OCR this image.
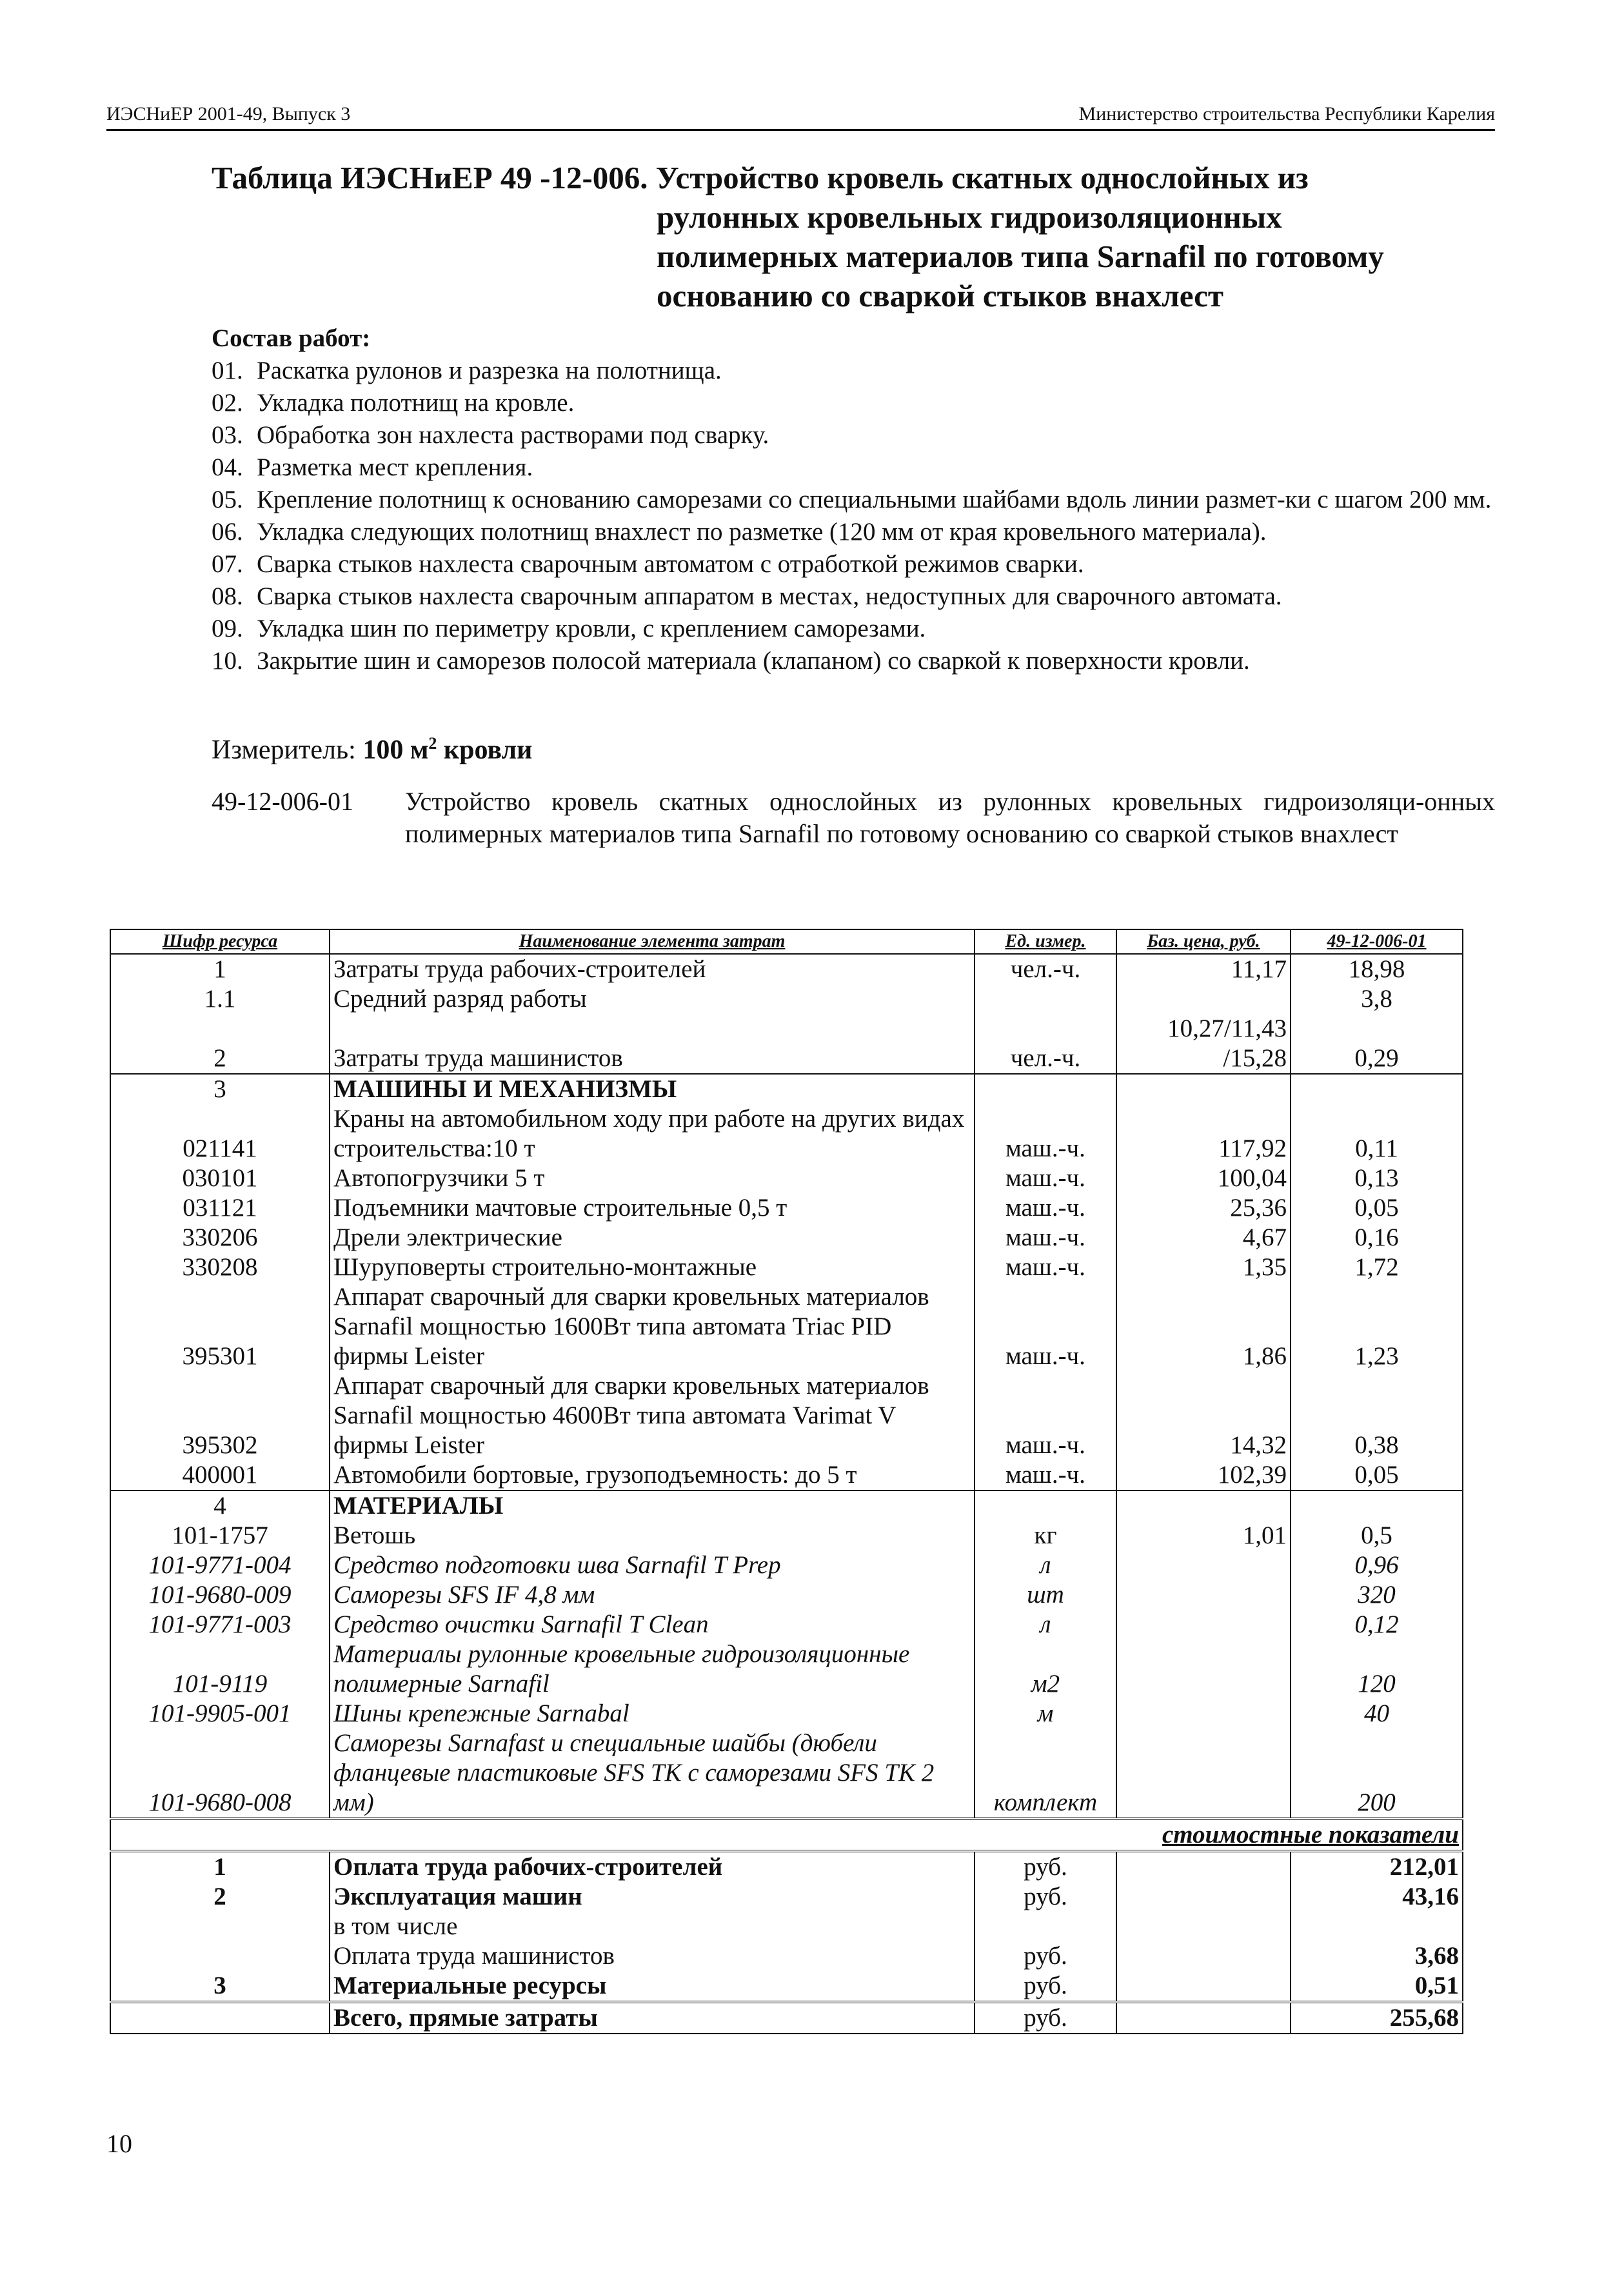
ИЭСНиЕР 2001-49, Выпуск 3	Министерство строительства Республики Карелия
Таблица ИЭСНиЕР 49 -12-006. Устройство кровель скатных однослойных из
рулонных кровельных гидроизоляционных
полимерных материалов типа Sarnafil по готовому
основанию со сваркой стыков внахлест
Состав работ:
01. Раскатка рулонов и разрезка на полотнища.
02. Укладка полотнищ на кровле.
03. Обработка зон нахлеста растворами под сварку.
04. Разметка мест крепления.
05. Крепление полотнищ к основанию саморезами со специальными шайбами вдоль линии размет-ки с шагом 200 мм.
06. Укладка следующих полотнищ внахлест по разметке (120 мм от края кровельного материала).
07. Сварка стыков нахлеста сварочным автоматом с отработкой режимов сварки.
08. Сварка стыков нахлеста сварочным аппаратом в местах, недоступных для сварочного автомата.
09. Укладка шин по периметру кровли, с креплением саморезами.
10. Закрытие шин и саморезов полосой материала (клапаном) со сваркой к поверхности кровли.
Измеритель: 100 $м^2$ кровли
49-12-006-01	Устройство кровель скатных однослойных из рулонных кровельных гидроизоляци-онных полимерных материалов типа Sarnafil по готовому основанию со сваркой стыков внахлест
Шифр ресурса	Наименование элемента затрат	Ед. измер.	Баз. цена, руб.	49-12-006-01
1	Затраты труда рабочих-строителей	чел.-ч.	11,17	18,98
1.1	Средний разряд работы			3,8
2	Затраты труда машинистов	чел.-ч.	10,27/11,43 /15,28	0,29
3	МАШИНЫ И МЕХАНИЗМЫ			
021141	Краны на автомобильном ходу при работе на других видах строительства:10 т	маш.-ч.	117,92	0,11
030101	Автопогрузчики 5 т	маш.-ч.	100,04	0,13
031121	Подъемники мачтовые строительные 0,5 т	маш.-ч.	25,36	0,05
330206	Дрели электрические	маш.-ч.	4,67	0,16
330208	Шуруповерты строительно-монтажные	маш.-ч.	1,35	1,72
395301	Аппарат сварочный для сварки кровельных материалов Sarnafil мощностью 1600Вт типа автомата Triac PID фирмы Leister	маш.-ч.	1,86	1,23
395302	Аппарат сварочный для сварки кровельных материалов Sarnafil мощностью 4600Вт типа автомата Varimat V фирмы Leister	маш.-ч.	14,32	0,38
400001	Автомобили бортовые, грузоподъемность: до 5 т	маш.-ч.	102,39	0,05
4	МАТЕРИАЛЫ			
101-1757	Ветошь	кг	1,01	0,5
101-9771-004	Средство подготовки шва Sarnafil T Prep	л		0,96
101-9680-009	Саморезы SFS IF 4,8 мм	шт		320
101-9771-003	Средство очистки Sarnafil T Clean	л		0,12
101-9119	Материалы рулонные кровельные гидроизоляционные полимерные Sarnafil	м2		120
101-9905-001	Шины крепежные Sarnabal	м		40
101-9680-008	Саморезы Sarnafast и специальные шайбы (дюбели фланцевые пластиковые SFS TK с саморезами SFS TK 2 мм)	комплект		200
стоимостные показатели				
1	Оплата труда рабочих-строителей	руб.		212,01
2	Эксплуатация машин	руб.		43,16
	в том числе			
	Оплата труда машинистов	руб.		3,68
3	Материальные ресурсы	руб.		0,51
	Всего, прямые затраты	руб.		255,68
10
